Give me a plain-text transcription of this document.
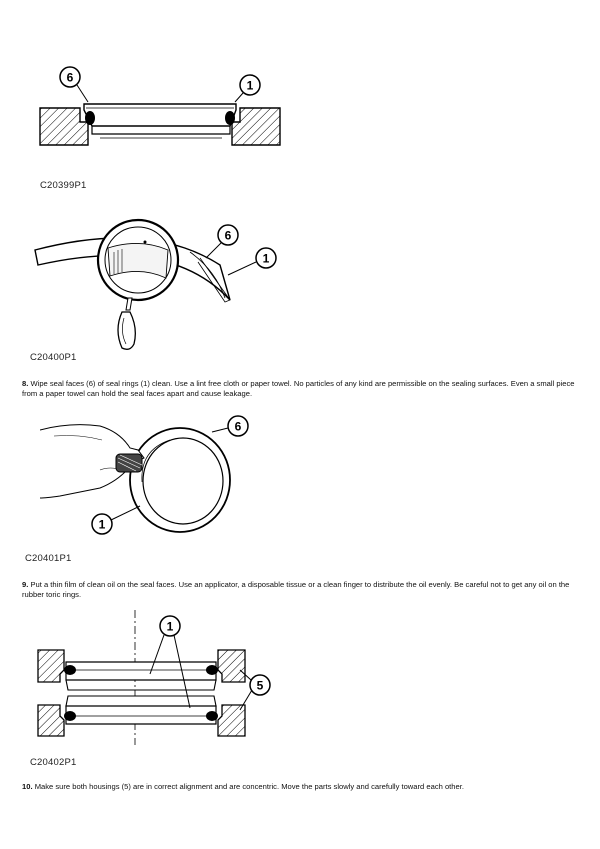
6
1
C20399P1
6
1
C20400P1
8. Wipe seal faces (6) of seal rings (1) clean. Use a lint free cloth or paper towel. No particles of any kind are permissible on the sealing surfaces. Even a small piece from a paper towel can hold the seal faces apart and cause leakage.
6
1
C20401P1
9. Put a thin film of clean oil on the seal faces. Use an applicator, a disposable tissue or a clean finger to distribute the oil evenly. Be careful not to get any oil on the rubber toric rings.
1
5
C20402P1
10. Make sure both housings (5) are in correct alignment and are concentric. Move the parts slowly and carefully toward each other.
